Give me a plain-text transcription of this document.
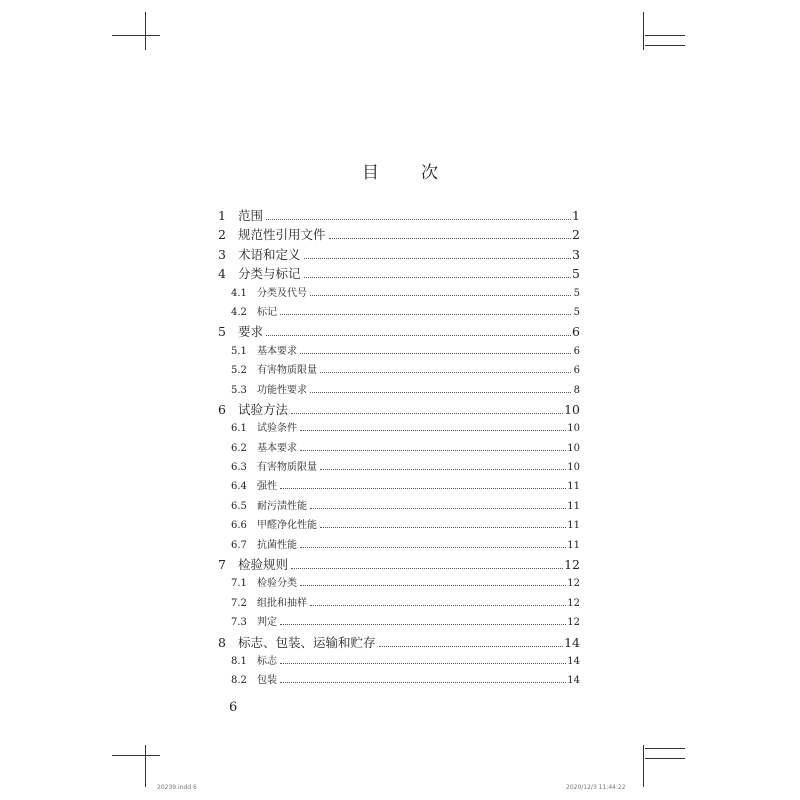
目 次
1 范围	1
2 规范性引用文件	2
3 术语和定义	3
4 分类与标记	5
4.1	分类及代号	5
4.2	标记	5
5 要求	6
5.1	基本要求	6
5.2	有害物质限量	6
5.3	功能性要求	8
6 试验方法	10
6.1	试验条件	10
6.2	基本要求	10
6.3	有害物质限量	10
6.4	强性	11
6.5	耐污渍性能	11
6.6	甲醛净化性能	11
6.7	抗菌性能	11
7 检验规则	12
7.1	检验分类	12
7.2	组批和抽样	12
7.3	判定	12
8 标志、包装、运输和贮存	14
8.1	标志	14
8.2	包装	14
6
20239.indd 6	2020/12/3 11:44:22
